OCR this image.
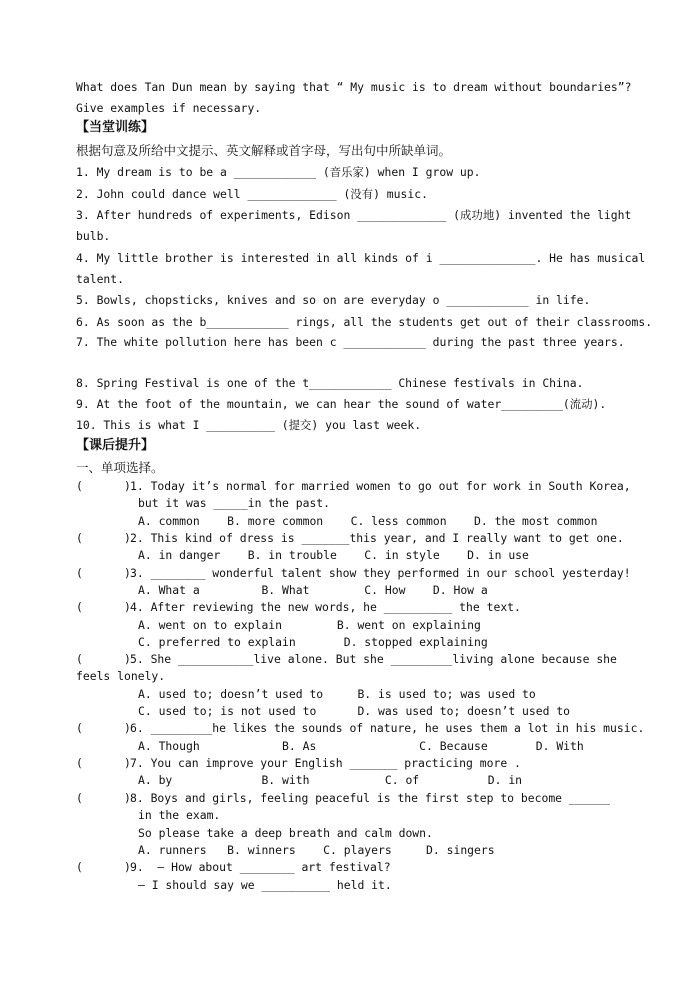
What does Tan Dun mean by saying that “ My music is to dream without boundaries”?
Give examples if necessary.
【当堂训练】
根据句意及所给中文提示、英文解释或首字母，写出句中所缺单词。
1. My dream is to be a ____________ (音乐家) when I grow up.
2. John could dance well _____________ (没有) music.
3. After hundreds of experiments, Edison _____________ (成功地) invented the light
bulb.
4. My little brother is interested in all kinds of i ______________. He has musical
talent.
5. Bowls, chopsticks, knives and so on are everyday o ____________ in life.
6. As soon as the b____________ rings, all the students get out of their classrooms.
7. The white pollution here has been c ____________ during the past three years.
8. Spring Festival is one of the t____________ Chinese festivals in China.
9. At the foot of the mountain, we can hear the sound of water_________(流动).
10. This is what I __________ (提交) you last week.
【课后提升】
一、单项选择。
(      ) 1. Today it’s normal for married women to go out for work in South Korea,
but it was _____in the past.
A. common    B. more common    C. less common    D. the most common
(      ) 2. This kind of dress is _______this year, and I really want to get one.
A. in danger    B. in trouble    C. in style    D. in use
(      ) 3. ________ wonderful talent show they performed in our school yesterday!
A. What a         B. What        C. How    D. How a
(      ) 4. After reviewing the new words, he __________ the text.
A. went on to explain        B. went on explaining
C. preferred to explain       D. stopped explaining
(      ) 5. She ___________live alone. But she _________living alone because she
feels lonely.
A. used to; doesn’t used to     B. is used to; was used to
C. used to; is not used to      D. was used to; doesn’t used to
(      ) 6. _________he likes the sounds of nature, he uses them a lot in his music.
A. Though            B. As               C. Because       D. With
(      ) 7. You can improve your English _______ practicing more .
A. by             B. with           C. of          D. in
(      ) 8. Boys and girls, feeling peaceful is the first step to become ______
in the exam.
So please take a deep breath and calm down.
A. runners   B. winners    C. players     D. singers
(      ) 9.  – How about ________ art festival?
– I should say we __________ held it.
